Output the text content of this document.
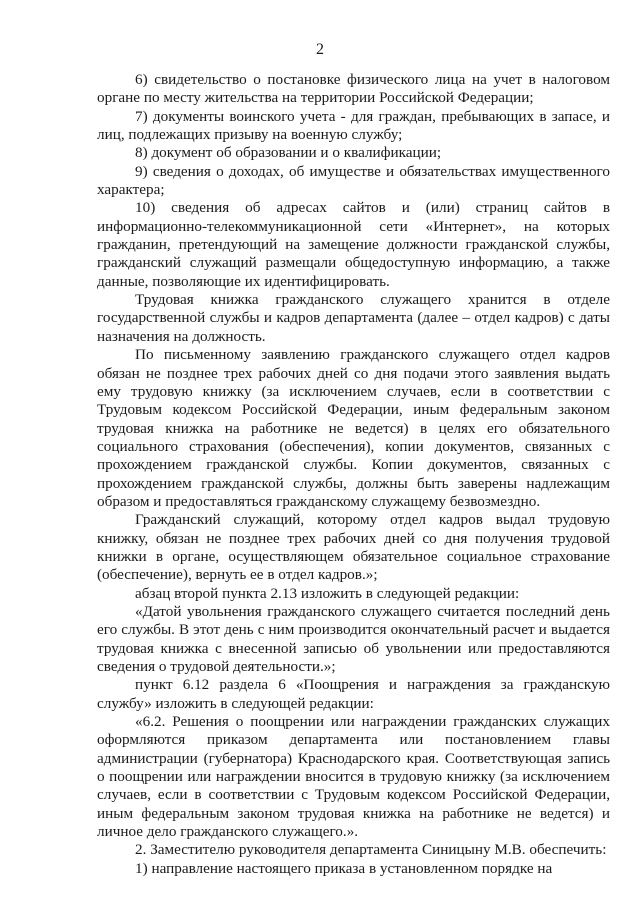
2

6) свидетельство о постановке физического лица на учет в налоговом органе по месту жительства на территории Российской Федерации;

7) документы воинского учета - для граждан, пребывающих в запасе, и лиц, подлежащих призыву на военную службу;

8) документ об образовании и о квалификации;

9) сведения о доходах, об имуществе и обязательствах имущественного характера;

10) сведения об адресах сайтов и (или) страниц сайтов в информационно-телекоммуникационной сети «Интернет», на которых гражданин, претендующий на замещение должности гражданской службы, гражданский служащий размещали общедоступную информацию, а также данные, позволяющие их идентифицировать.

Трудовая книжка гражданского служащего хранится в отделе государственной службы и кадров департамента (далее – отдел кадров) с даты назначения на должность.

По письменному заявлению гражданского служащего отдел кадров обязан не позднее трех рабочих дней со дня подачи этого заявления выдать ему трудовую книжку (за исключением случаев, если в соответствии с Трудовым кодексом Российской Федерации, иным федеральным законом трудовая книжка на работнике не ведется) в целях его обязательного социального страхования (обеспечения), копии документов, связанных с прохождением гражданской службы. Копии документов, связанных с прохождением гражданской службы, должны быть заверены надлежащим образом и предоставляться гражданскому служащему безвозмездно.

Гражданский служащий, которому отдел кадров выдал трудовую книжку, обязан не позднее трех рабочих дней со дня получения трудовой книжки в органе, осуществляющем обязательное социальное страхование (обеспечение), вернуть ее в отдел кадров.»;

абзац второй пункта 2.13 изложить в следующей редакции:

«Датой увольнения гражданского служащего считается последний день его службы. В этот день с ним производится окончательный расчет и выдается трудовая книжка с внесенной записью об увольнении или предоставляются сведения о трудовой деятельности.»;

пункт 6.12 раздела 6 «Поощрения и награждения за гражданскую службу» изложить в следующей редакции:

«6.2. Решения о поощрении или награждении гражданских служащих оформляются приказом департамента или постановлением главы администрации (губернатора) Краснодарского края. Соответствующая запись о поощрении или награждении вносится в трудовую книжку (за исключением случаев, если в соответствии с Трудовым кодексом Российской Федерации, иным федеральным законом трудовая книжка на работнике не ведется) и личное дело гражданского служащего.».

2. Заместителю руководителя департамента Синицыну М.В. обеспечить:

1) направление настоящего приказа в установленном порядке на
